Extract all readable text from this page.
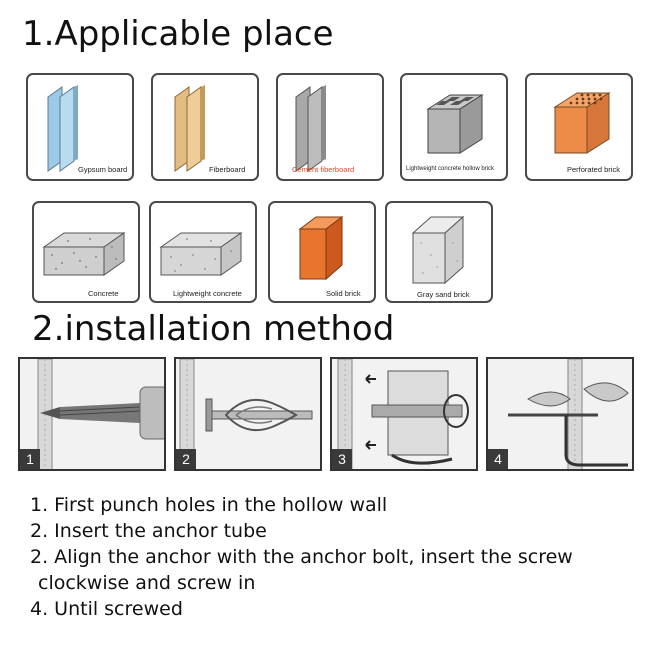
1.Applicable place
Gypsum board	Fiberboard	Cement fiberboard	Lightweight concrete hollow brick	Perforated brick
Concrete	Lightweight concrete	Solid brick	Gray sand brick
2.installation method
1	2	3	4
1. First punch holes in the hollow wall
2. Insert the anchor tube
2. Align the anchor with the anchor bolt, insert the screw
clockwise and screw in
4. Until screwed
